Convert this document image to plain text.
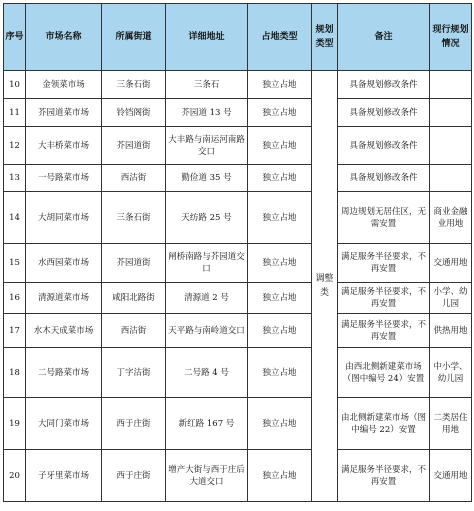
序号	市场名称	所属街道	详细地址	占地类型	规划类型	备注	现行规划情况
10	金领菜市场	三条石街	三条石	独立占地	调整类	具备规划修改条件	
11	芥园道菜市场	铃铛阁街	芥园道 13 号	独立占地		具备规划修改条件	
12	大丰桥菜市场	芥园道街	大丰路与南运河南路交口	独立占地		具备规划修改条件	
13	一号路菜市场	西沽街	勤俭道 35 号	独立占地		具备规划修改条件	
14	大胡同菜市场	三条石街	天纺路 25 号	独立占地		周边规划无居住区，无需安置	商业金融业用地
15	水西园菜市场	芥园道街	闸桥南路与芥园道交口	独立占地		满足服务半径要求，不再安置	交通用地
16	清源道菜市场	咸阳北路街	清源道 2 号	独立占地		满足服务半径要求，不再安置	小学、幼儿园
17	水木天成菜市场	西沽街	天平路与南岭道交口	独立占地		满足服务半径要求，不再安置	供热用地
18	二号路菜市场	丁字沽街	二号路 4 号	独立占地		由西北侧新建菜市场（图中编号 24）安置	中小学、幼儿园
19	大同门菜市场	西于庄街	新红路 167 号	独立占地		由北侧新建菜市场（图中编号 22）安置	二类居住用地
20	子牙里菜市场	西于庄街	增产大街与西于庄后大道交口	独立占地		满足服务半径要求，不再安置	交通用地
